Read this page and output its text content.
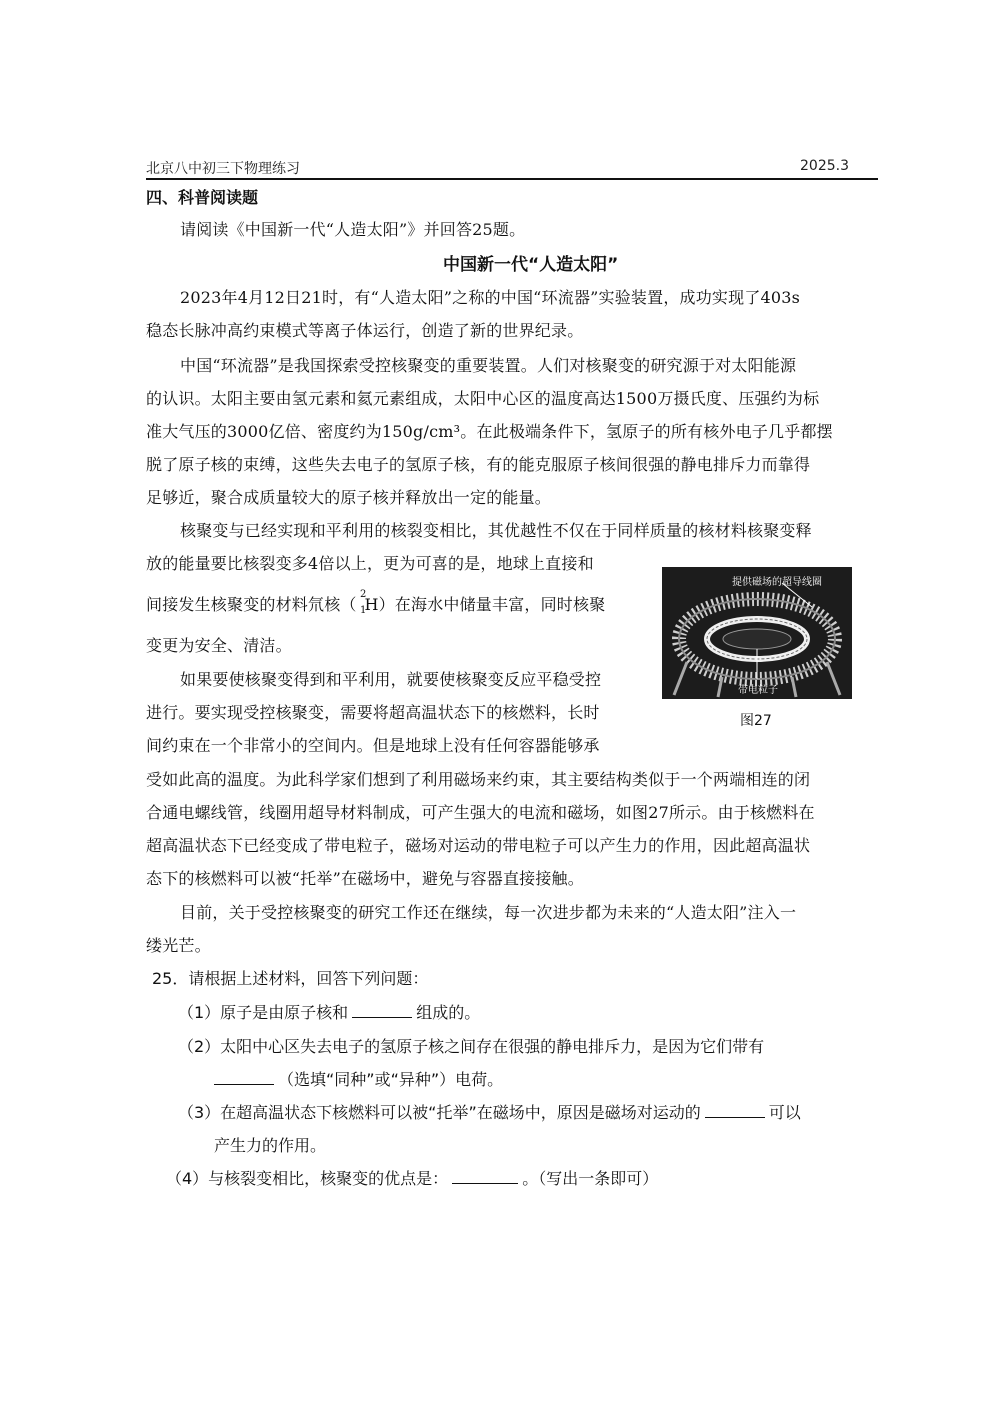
北京八中初三下物理练习	2025.3
四、科普阅读题
请阅读《中国新一代“人造太阳”》并回答25题。
中国新一代“人造太阳”
2023年4月12日21时，有“人造太阳”之称的中国“环流器”实验装置，成功实现了403s
稳态长脉冲高约束模式等离子体运行，创造了新的世界纪录。
中国“环流器”是我国探索受控核聚变的重要装置。人们对核聚变的研究源于对太阳能源
的认识。太阳主要由氢元素和氦元素组成，太阳中心区的温度高达1500万摄氏度、压强约为标
准大气压的3000亿倍、密度约为150g/cm³。在此极端条件下，氢原子的所有核外电子几乎都摆
脱了原子核的束缚，这些失去电子的氢原子核，有的能克服原子核间很强的静电排斥力而靠得
足够近，聚合成质量较大的原子核并释放出一定的能量。
核聚变与已经实现和平利用的核裂变相比，其优越性不仅在于同样质量的核材料核聚变释
放的能量要比核裂变多4倍以上，更为可喜的是，地球上直接和
间接发生核聚变的材料氘核（
2
1
H）在海水中储量丰富，同时核聚
变更为安全、清洁。
提供磁场的超导线圈
带电粒子
图27
如果要使核聚变得到和平利用，就要使核聚变反应平稳受控
进行。要实现受控核聚变，需要将超高温状态下的核燃料，长时
间约束在一个非常小的空间内。但是地球上没有任何容器能够承
受如此高的温度。为此科学家们想到了利用磁场来约束，其主要结构类似于一个两端相连的闭
合通电螺线管，线圈用超导材料制成，可产生强大的电流和磁场，如图27所示。由于核燃料在
超高温状态下已经变成了带电粒子，磁场对运动的带电粒子可以产生力的作用，因此超高温状
态下的核燃料可以被“托举”在磁场中，避免与容器直接接触。
目前，关于受控核聚变的研究工作还在继续，每一次进步都为未来的“人造太阳”注入一
缕光芒。
25．请根据上述材料，回答下列问题：
（1）原子是由原子核和	组成的。
（2）太阳中心区失去电子的氢原子核之间存在很强的静电排斥力，是因为它们带有
（选填“同种”或“异种”）电荷。
（3）在超高温状态下核燃料可以被“托举”在磁场中，原因是磁场对运动的	可以
产生力的作用。
（4）与核裂变相比，核聚变的优点是：	。（写出一条即可）
